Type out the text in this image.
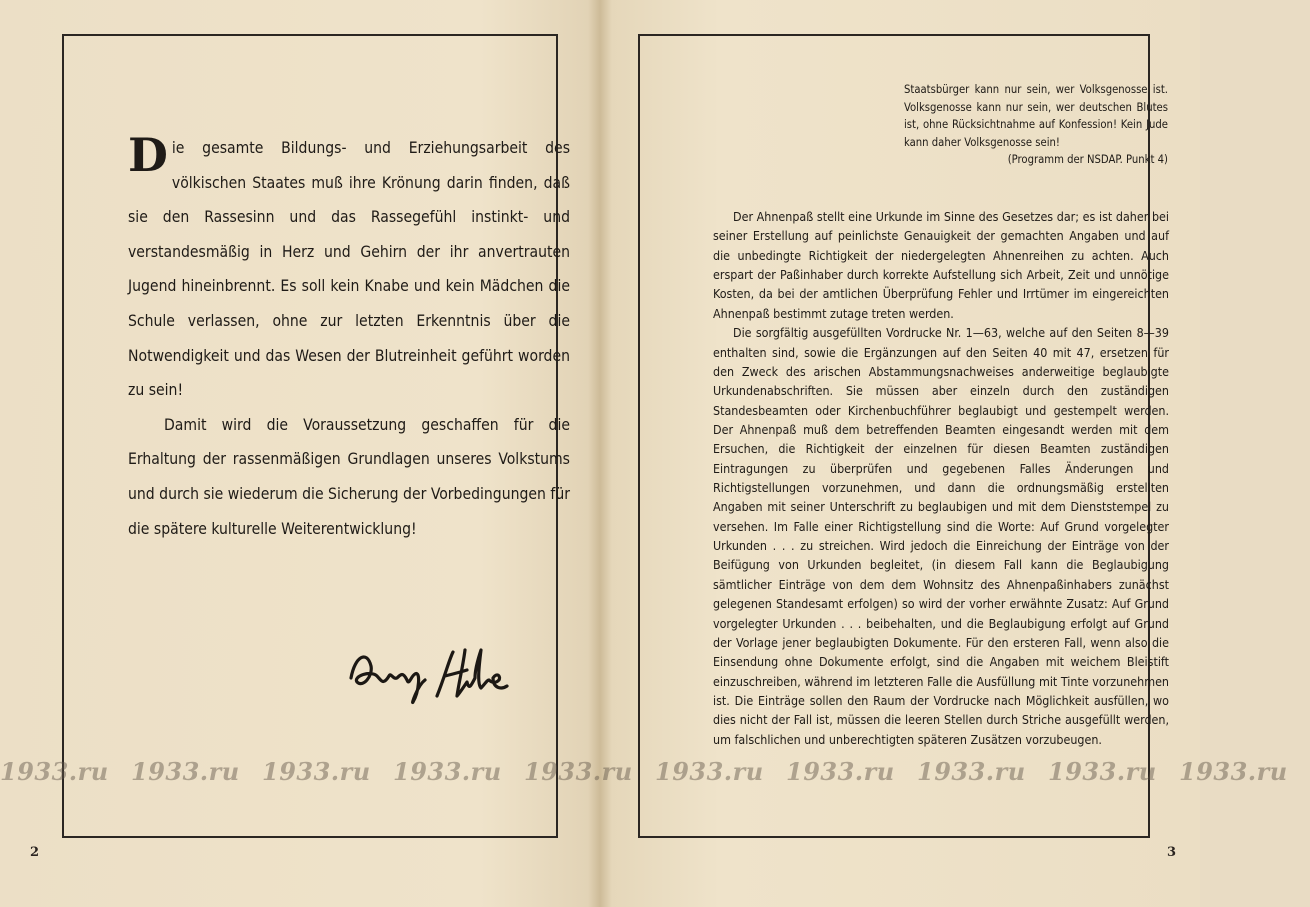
Die gesamte Bildungs- und Erziehungsarbeit des völkischen Staates muß ihre Krönung darin finden, daß sie den Rassesinn und das Rassegefühl instinkt- und verstandesmäßig in Herz und Gehirn der ihr anvertrauten Jugend hineinbrennt. Es soll kein Knabe und kein Mädchen die Schule verlassen, ohne zur letzten Erkenntnis über die Notwendigkeit und das Wesen der Blutreinheit geführt worden zu sein!

Damit wird die Voraussetzung geschaffen für die Erhaltung der rassenmäßigen Grundlagen unseres Volkstums und durch sie wiederum die Sicherung der Vorbedingungen für die spätere kulturelle Weiterentwicklung!

2
Staatsbürger kann nur sein, wer Volksgenosse ist. Volksgenosse kann nur sein, wer deutschen Blutes ist, ohne Rücksichtnahme auf Konfession! Kein Jude kann daher Volksgenosse sein!
(Programm der NSDAP. Punkt 4)

Der Ahnenpaß stellt eine Urkunde im Sinne des Gesetzes dar; es ist daher bei seiner Erstellung auf peinlichste Genauigkeit der gemachten Angaben und auf die unbedingte Richtigkeit der niedergelegten Ahnenreihen zu achten. Auch erspart der Paßinhaber durch korrekte Aufstellung sich Arbeit, Zeit und unnötige Kosten, da bei der amtlichen Überprüfung Fehler und Irrtümer im eingereichten Ahnenpaß bestimmt zutage treten werden.

Die sorgfältig ausgefüllten Vordrucke Nr. 1—63, welche auf den Seiten 8—39 enthalten sind, sowie die Ergänzungen auf den Seiten 40 mit 47, ersetzen für den Zweck des arischen Abstammungsnachweises anderweitige beglaubigte Urkundenabschriften. Sie müssen aber einzeln durch den zuständigen Standesbeamten oder Kirchenbuchführer beglaubigt und gestempelt werden. Der Ahnenpaß muß dem betreffenden Beamten eingesandt werden mit dem Ersuchen, die Richtigkeit der einzelnen für diesen Beamten zuständigen Eintragungen zu überprüfen und gegebenen Falles Änderungen und Richtigstellungen vorzunehmen, und dann die ordnungsmäßig erstellten Angaben mit seiner Unterschrift zu beglaubigen und mit dem Dienststempel zu versehen. Im Falle einer Richtigstellung sind die Worte: Auf Grund vorgelegter Urkunden . . . zu streichen. Wird jedoch die Einreichung der Einträge von der Beifügung von Urkunden begleitet, (in diesem Fall kann die Beglaubigung sämtlicher Einträge von dem dem Wohnsitz des Ahnenpaßinhabers zunächst gelegenen Standesamt erfolgen) so wird der vorher erwähnte Zusatz: Auf Grund vorgelegter Urkunden . . . beibehalten, und die Beglaubigung erfolgt auf Grund der Vorlage jener beglaubigten Dokumente. Für den ersteren Fall, wenn also die Einsendung ohne Dokumente erfolgt, sind die Angaben mit weichem Bleistift einzuschreiben, während im letzteren Falle die Ausfüllung mit Tinte vorzunehmen ist. Die Einträge sollen den Raum der Vordrucke nach Möglichkeit ausfüllen, wo dies nicht der Fall ist, müssen die leeren Stellen durch Striche ausgefüllt werden, um falschlichen und unberechtigten späteren Zusätzen vorzubeugen.

3
1933.ru 1933.ru 1933.ru 1933.ru 1933.ru 1933.ru 1933.ru 1933.ru 1933.ru 1933.ru
